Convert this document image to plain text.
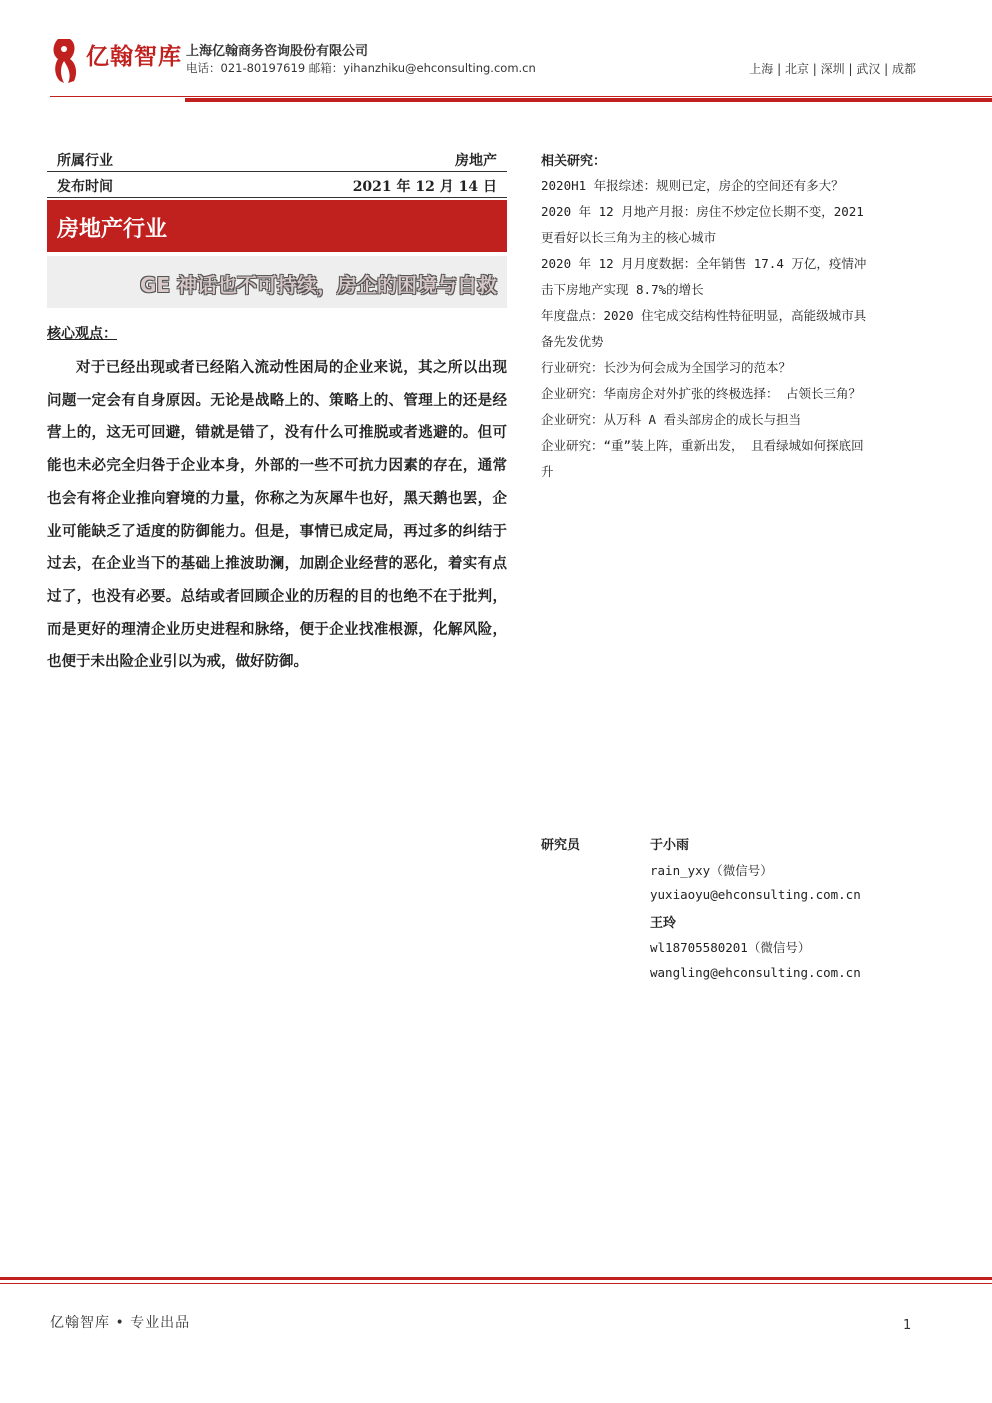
亿翰智库 上海亿翰商务咨询股份有限公司
电话：021-80197619 邮箱：yihanzhiku@ehconsulting.com.cn	上海 | 北京 | 深圳 | 武汉 | 成都
所属行业	房地产
发布时间	2021 年 12 月 14 日
房地产行业
GE 神话也不可持续，房企的困境与自救
核心观点：
对于已经出现或者已经陷入流动性困局的企业来说，其之所以出现问题一定会有自身原因。无论是战略上的、策略上的、管理上的还是经营上的，这无可回避，错就是错了，没有什么可推脱或者逃避的。但可能也未必完全归咎于企业本身，外部的一些不可抗力因素的存在，通常也会有将企业推向窘境的力量，你称之为灰犀牛也好，黑天鹅也罢，企业可能缺乏了适度的防御能力。但是，事情已成定局，再过多的纠结于过去，在企业当下的基础上推波助澜，加剧企业经营的恶化，着实有点过了，也没有必要。总结或者回顾企业的历程的目的也绝不在于批判，而是更好的理清企业历史进程和脉络，便于企业找准根源，化解风险，也便于未出险企业引以为戒，做好防御。
相关研究：
2020H1 年报综述：规则已定，房企的空间还有多大？
2020 年 12 月地产月报：房住不炒定位长期不变，2021 更看好以长三角为主的核心城市
2020 年 12 月月度数据：全年销售 17.4 万亿，疫情冲击下房地产实现 8.7%的增长
年度盘点：2020 住宅成交结构性特征明显，高能级城市具备先发优势
行业研究：长沙为何会成为全国学习的范本？
企业研究：华南房企对外扩张的终极选择： 占领长三角？
企业研究：从万科 A 看头部房企的成长与担当
企业研究：“重”装上阵，重新出发， 且看绿城如何探底回升
研究员	于小雨
rain_yxy（微信号）
yuxiaoyu@ehconsulting.com.cn
王玲
wl18705580201（微信号）
wangling@ehconsulting.com.cn
亿翰智库 • 专业出品	1
